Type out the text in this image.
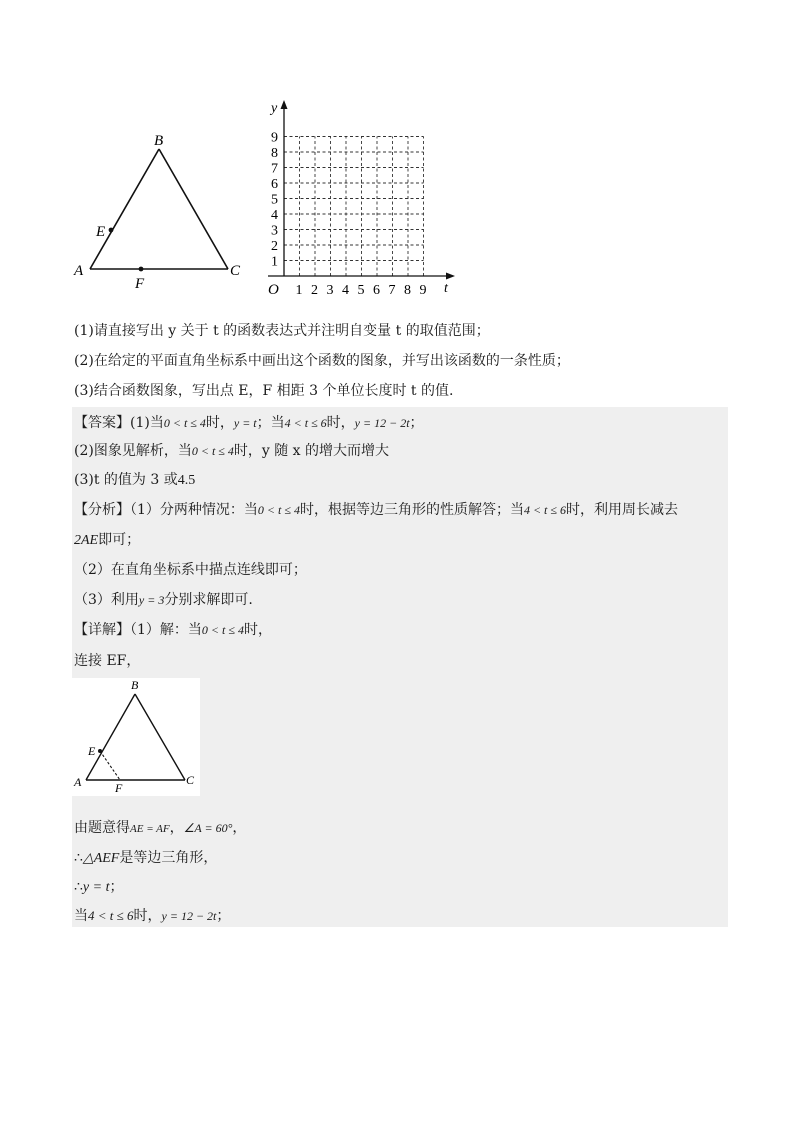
B
E
A
F
C
y
t
O
1
2
3
4
5
6
7
8
9
1 2 3 4 5 6 7 8 9
(1)请直接写出 y 关于 t 的函数表达式并注明自变量 t 的取值范围；
(2)在给定的平面直角坐标系中画出这个函数的图象，并写出该函数的一条性质；
(3)结合函数图象，写出点 E，F 相距 3 个单位长度时 t 的值.
【答案】(1)当0 < t ≤ 4时，y = t；当4 < t ≤ 6时，y = 12 − 2t；
(2)图象见解析，当0 < t ≤ 4时，y 随 x 的增大而增大
(3)t 的值为 3 或4.5
【分析】（1）分两种情况：当0 < t ≤ 4时，根据等边三角形的性质解答；当4 < t ≤ 6时，利用周长减去
2AE即可；
（2）在直角坐标系中描点连线即可；
（3）利用y = 3分别求解即可.
【详解】（1）解：当0 < t ≤ 4时，
连接 EF，
B
E
A	F
C
由题意得AE = AF，∠A = 60°，
∴△AEF是等边三角形，
∴y = t；
当4 < t ≤ 6时，y = 12 − 2t；
